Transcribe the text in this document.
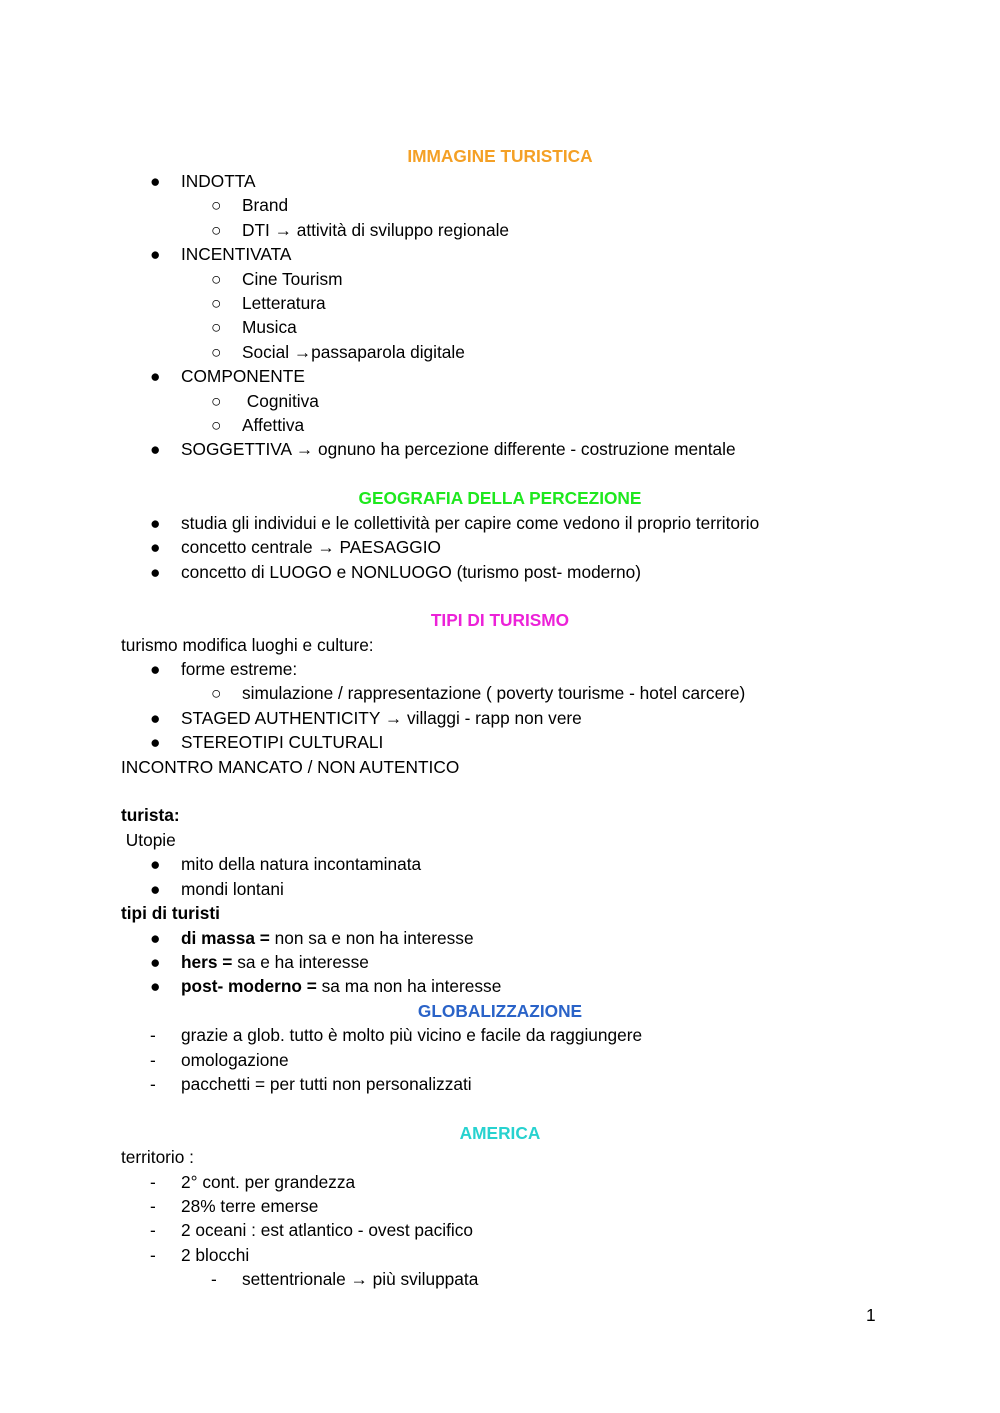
IMMAGINE TURISTICA
● INDOTTA
○ Brand
○ DTI → attività di sviluppo regionale
● INCENTIVATA
○ Cine Tourism
○ Letteratura
○ Musica
○ Social →passaparola digitale
● COMPONENTE
○ Cognitiva
○ Affettiva
● SOGGETTIVA → ognuno ha percezione differente - costruzione mentale
GEOGRAFIA DELLA PERCEZIONE
● studia gli individui e le collettività per capire come vedono il proprio territorio
● concetto centrale → PAESAGGIO
● concetto di LUOGO e NONLUOGO (turismo post- moderno)
TIPI DI TURISMO
turismo modifica luoghi e culture:
● forme estreme:
○ simulazione / rappresentazione ( poverty tourisme - hotel carcere)
● STAGED AUTHENTICITY → villaggi - rapp non vere
● STEREOTIPI CULTURALI
INCONTRO MANCATO / NON AUTENTICO
turista:
Utopie
● mito della natura incontaminata
● mondi lontani
tipi di turisti
● di massa = non sa e non ha interesse
● hers = sa e ha interesse
● post- moderno = sa ma non ha interesse
GLOBALIZZAZIONE
- grazie a glob. tutto è molto più vicino e facile da raggiungere
- omologazione
- pacchetti = per tutti non personalizzati
AMERICA
territorio :
- 2° cont. per grandezza
- 28% terre emerse
- 2 oceani : est atlantico - ovest pacifico
- 2 blocchi
- settentrionale → più sviluppata
1
